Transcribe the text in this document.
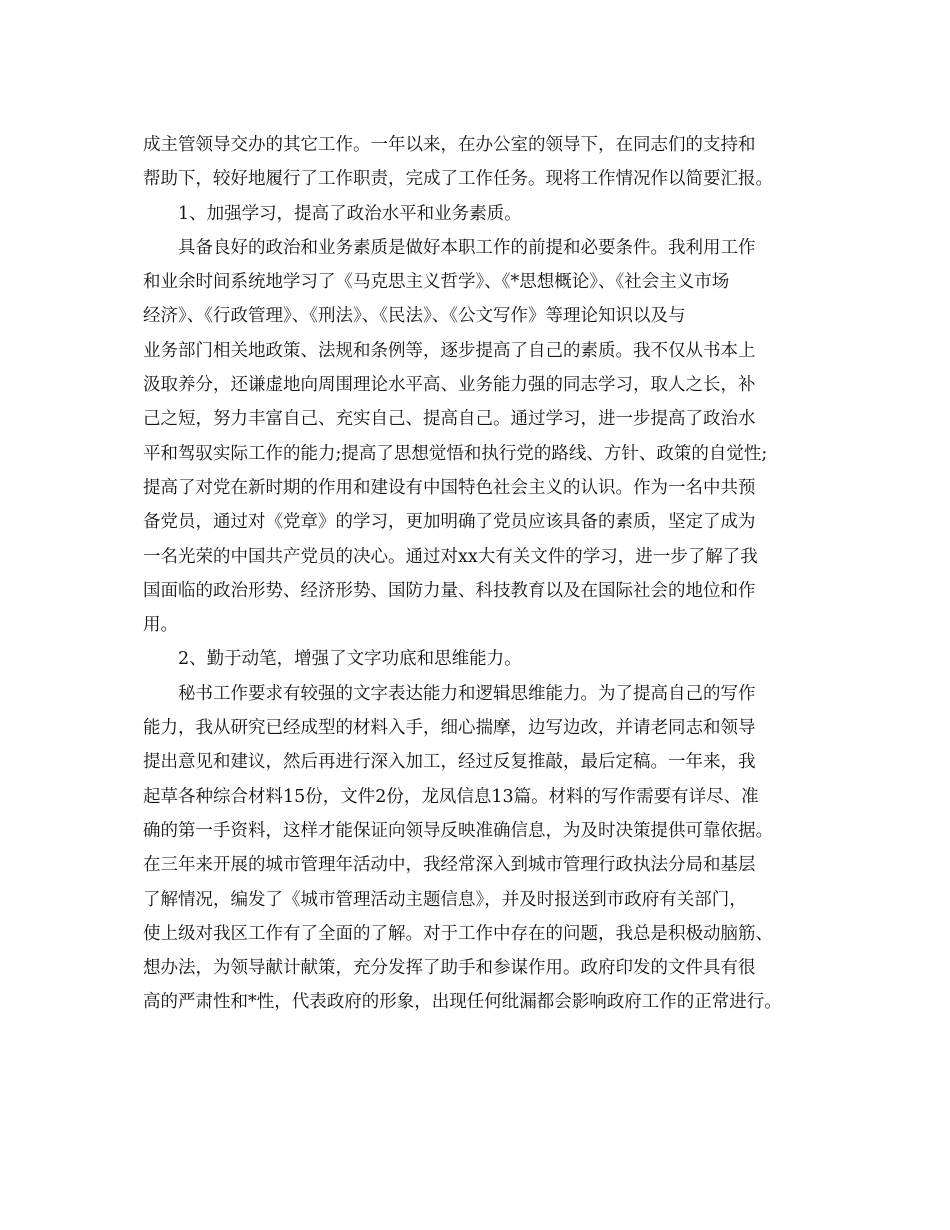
成主管领导交办的其它工作。一年以来，在办公室的领导下，在同志们的支持和
帮助下，较好地履行了工作职责，完成了工作任务。现将工作情况作以简要汇报。
1、加强学习，提高了政治水平和业务素质。
具备良好的政治和业务素质是做好本职工作的前提和必要条件。我利用工作
和业余时间系统地学习了《马克思主义哲学》、《*思想概论》、《社会主义市场
经济》、《行政管理》、《刑法》、《民法》、《公文写作》等理论知识以及与
业务部门相关地政策、法规和条例等，逐步提高了自己的素质。我不仅从书本上
汲取养分，还谦虚地向周围理论水平高、业务能力强的同志学习，取人之长，补
己之短，努力丰富自己、充实自己、提高自己。通过学习，进一步提高了政治水
平和驾驭实际工作的能力;提高了思想觉悟和执行党的路线、方针、政策的自觉性;
提高了对党在新时期的作用和建设有中国特色社会主义的认识。作为一名中共预
备党员，通过对《党章》的学习，更加明确了党员应该具备的素质，坚定了成为
一名光荣的中国共产党员的决心。通过对xx大有关文件的学习，进一步了解了我
国面临的政治形势、经济形势、国防力量、科技教育以及在国际社会的地位和作
用。
2、勤于动笔，增强了文字功底和思维能力。
秘书工作要求有较强的文字表达能力和逻辑思维能力。为了提高自己的写作
能力，我从研究已经成型的材料入手，细心揣摩，边写边改，并请老同志和领导
提出意见和建议，然后再进行深入加工，经过反复推敲，最后定稿。一年来，我
起草各种综合材料15份，文件2份，龙凤信息13篇。材料的写作需要有详尽、准
确的第一手资料，这样才能保证向领导反映准确信息，为及时决策提供可靠依据。
在三年来开展的城市管理年活动中，我经常深入到城市管理行政执法分局和基层
了解情况，编发了《城市管理活动主题信息》，并及时报送到市政府有关部门，
使上级对我区工作有了全面的了解。对于工作中存在的问题，我总是积极动脑筋、
想办法，为领导献计献策，充分发挥了助手和参谋作用。政府印发的文件具有很
高的严肃性和*性，代表政府的形象，出现任何纰漏都会影响政府工作的正常进行。
